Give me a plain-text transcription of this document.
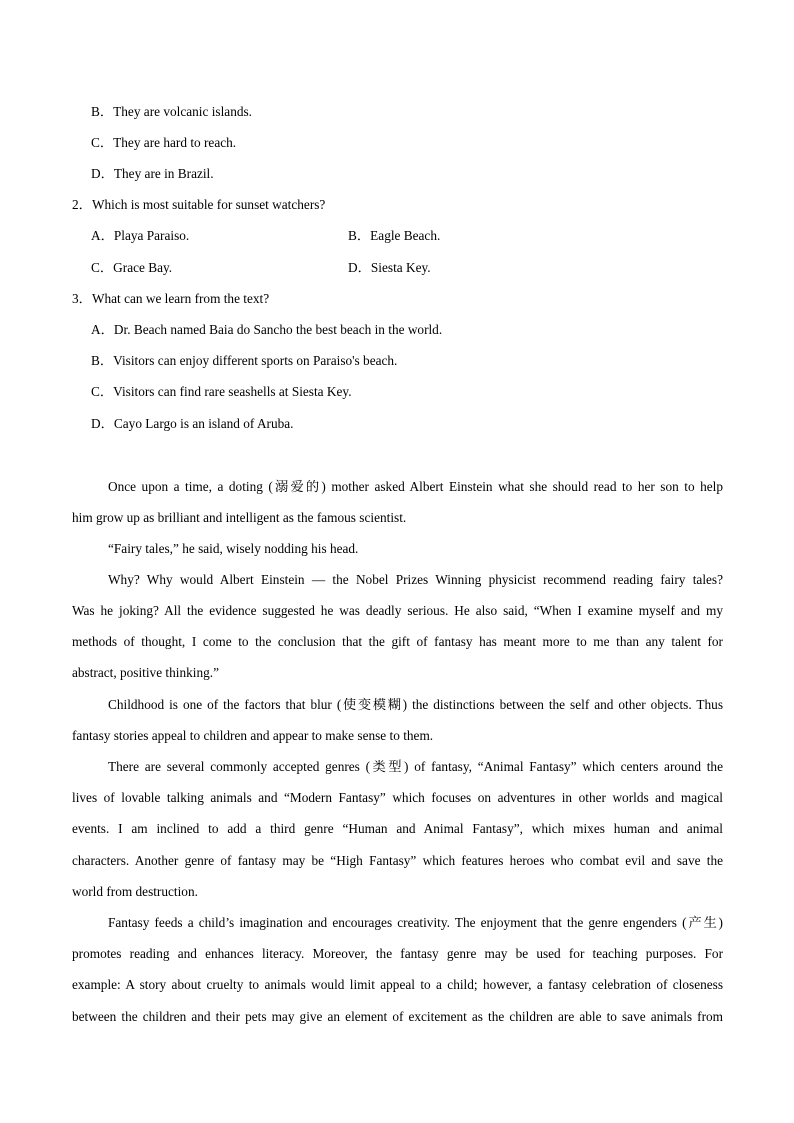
B．They are volcanic islands.
C．They are hard to reach.
D．They are in Brazil.
2．Which is most suitable for sunset watchers?
A．Playa Paraiso.	B．Eagle Beach.
C．Grace Bay.	D．Siesta Key.
3．What can we learn from the text?
A．Dr. Beach named Baia do Sancho the best beach in the world.
B．Visitors can enjoy different sports on Paraiso's beach.
C．Visitors can find rare seashells at Siesta Key.
D．Cayo Largo is an island of Aruba.
Once upon a time, a doting (溺爱的) mother asked Albert Einstein what she should read to her son to help
him grow up as brilliant and intelligent as the famous scientist.
“Fairy tales,” he said, wisely nodding his head.
Why? Why would Albert Einstein — the Nobel Prizes Winning physicist recommend reading fairy tales?
Was he joking? All the evidence suggested he was deadly serious. He also said, “When I examine myself and my
methods of thought, I come to the conclusion that the gift of fantasy has meant more to me than any talent for
abstract, positive thinking.”
Childhood is one of the factors that blur (使变模糊) the distinctions between the self and other objects. Thus
fantasy stories appeal to children and appear to make sense to them.
There are several commonly accepted genres (类型) of fantasy, “Animal Fantasy” which centers around the
lives of lovable talking animals and “Modern Fantasy” which focuses on adventures in other worlds and magical
events. I am inclined to add a third genre “Human and Animal Fantasy”, which mixes human and animal
characters. Another genre of fantasy may be “High Fantasy” which features heroes who combat evil and save the
world from destruction.
Fantasy feeds a child’s imagination and encourages creativity. The enjoyment that the genre engenders (产生)
promotes reading and enhances literacy. Moreover, the fantasy genre may be used for teaching purposes. For
example: A story about cruelty to animals would limit appeal to a child; however, a fantasy celebration of closeness
between the children and their pets may give an element of excitement as the children are able to save animals from
